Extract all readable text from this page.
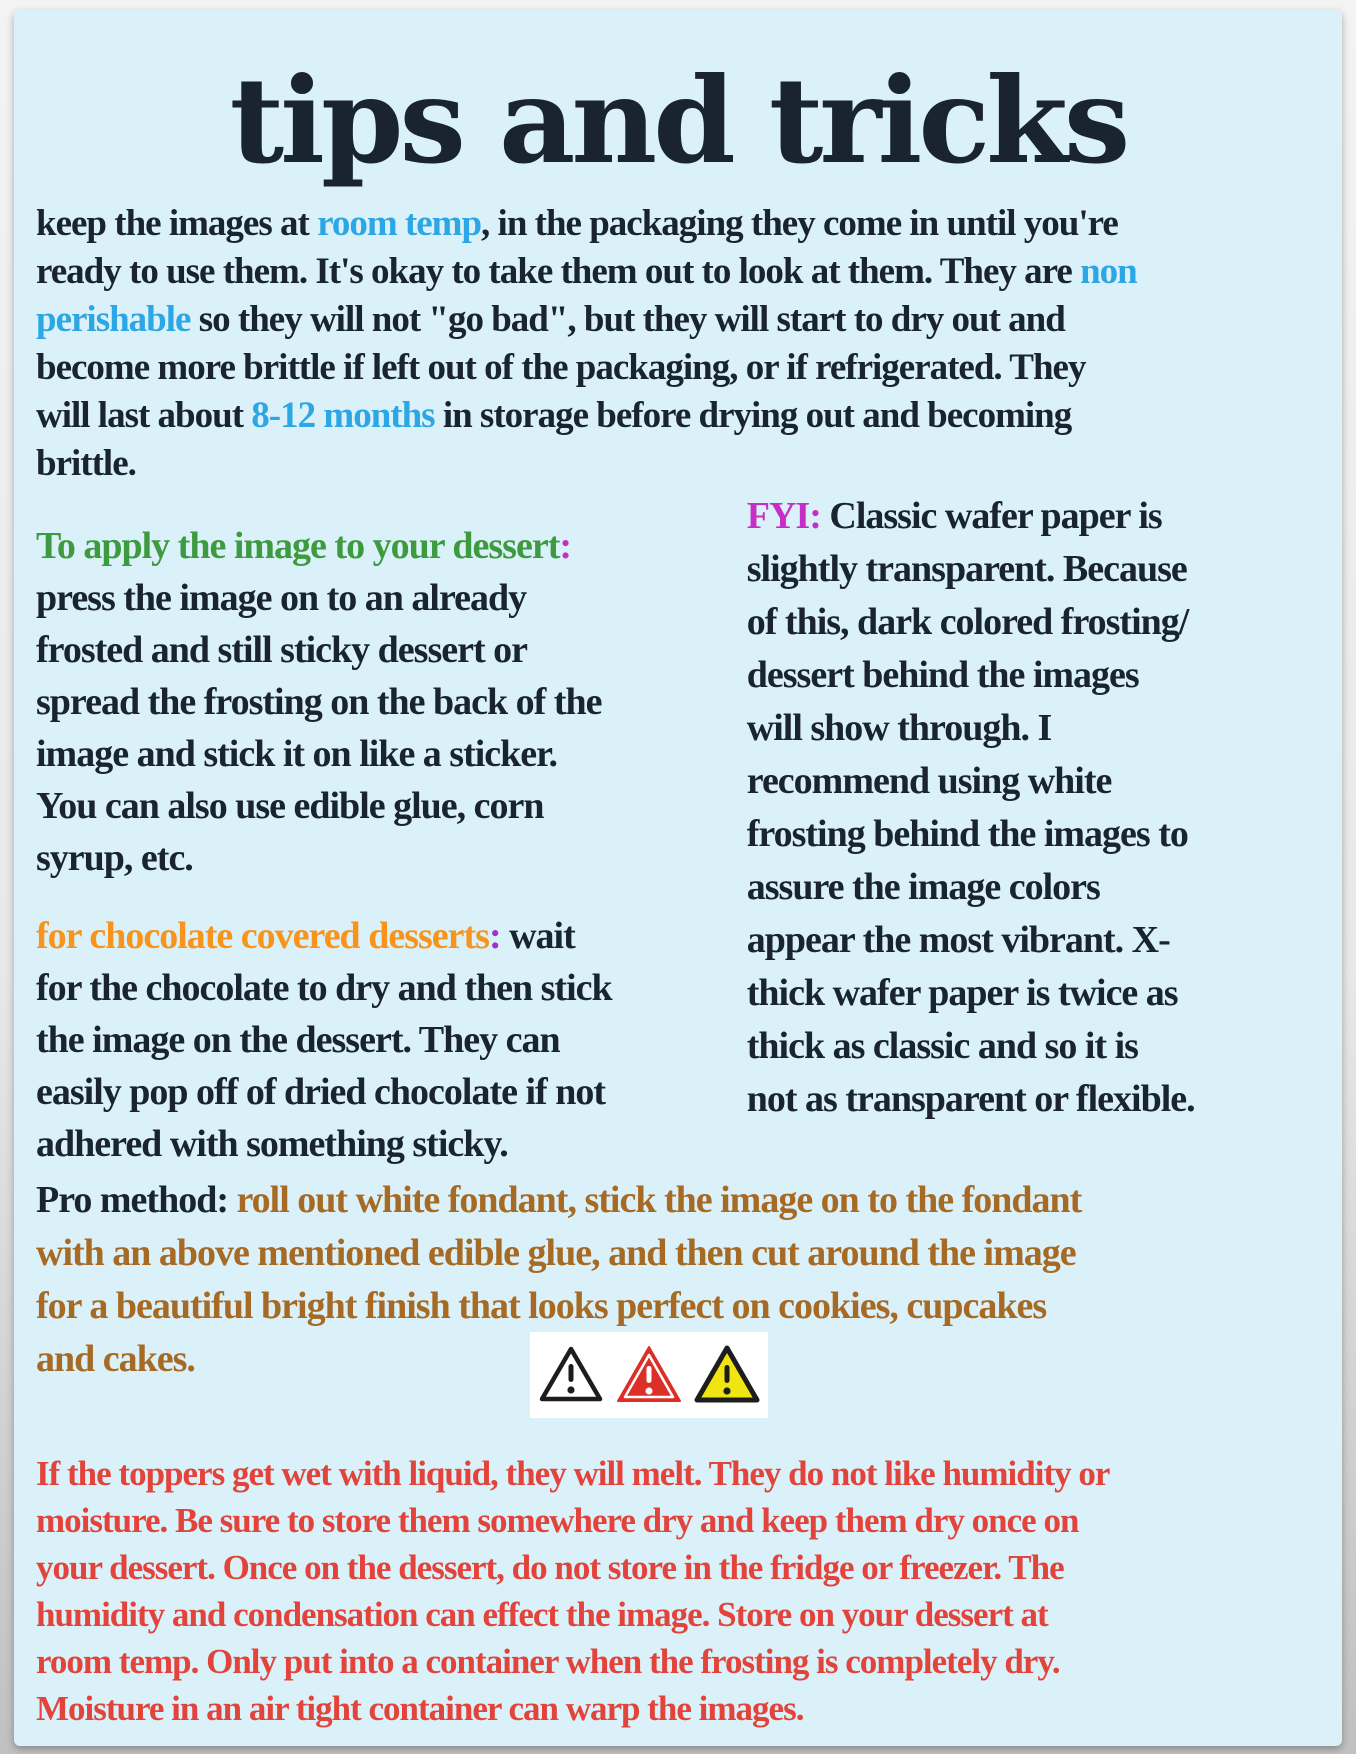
tips and tricks
keep the images at room temp, in the packaging they come in until you're
ready to use them. It's okay to take them out to look at them. They are non
perishable so they will not "go bad", but they will start to dry out and
become more brittle if left out of the packaging, or if refrigerated. They
will last about 8-12 months in storage before drying out and becoming
brittle.
To apply the image to your dessert:
press the image on to an already
frosted and still sticky dessert or
spread the frosting on the back of the
image and stick it on like a sticker.
You can also use edible glue, corn
syrup, etc.
for chocolate covered desserts: wait
for the chocolate to dry and then stick
the image on the dessert. They can
easily pop off of dried chocolate if not
adhered with something sticky.
FYI: Classic wafer paper is
slightly transparent. Because
of this, dark colored frosting/
dessert behind the images
will show through. I
recommend using white
frosting behind the images to
assure the image colors
appear the most vibrant. X-
thick wafer paper is twice as
thick as classic and so it is
not as transparent or flexible.
Pro method: roll out white fondant, stick the image on to the fondant
with an above mentioned edible glue, and then cut around the image
for a beautiful bright finish that looks perfect on cookies, cupcakes
and cakes.
If the toppers get wet with liquid, they will melt. They do not like humidity or
moisture. Be sure to store them somewhere dry and keep them dry once on
your dessert. Once on the dessert, do not store in the fridge or freezer. The
humidity and condensation can effect the image. Store on your dessert at
room temp. Only put into a container when the frosting is completely dry.
Moisture in an air tight container can warp the images.
